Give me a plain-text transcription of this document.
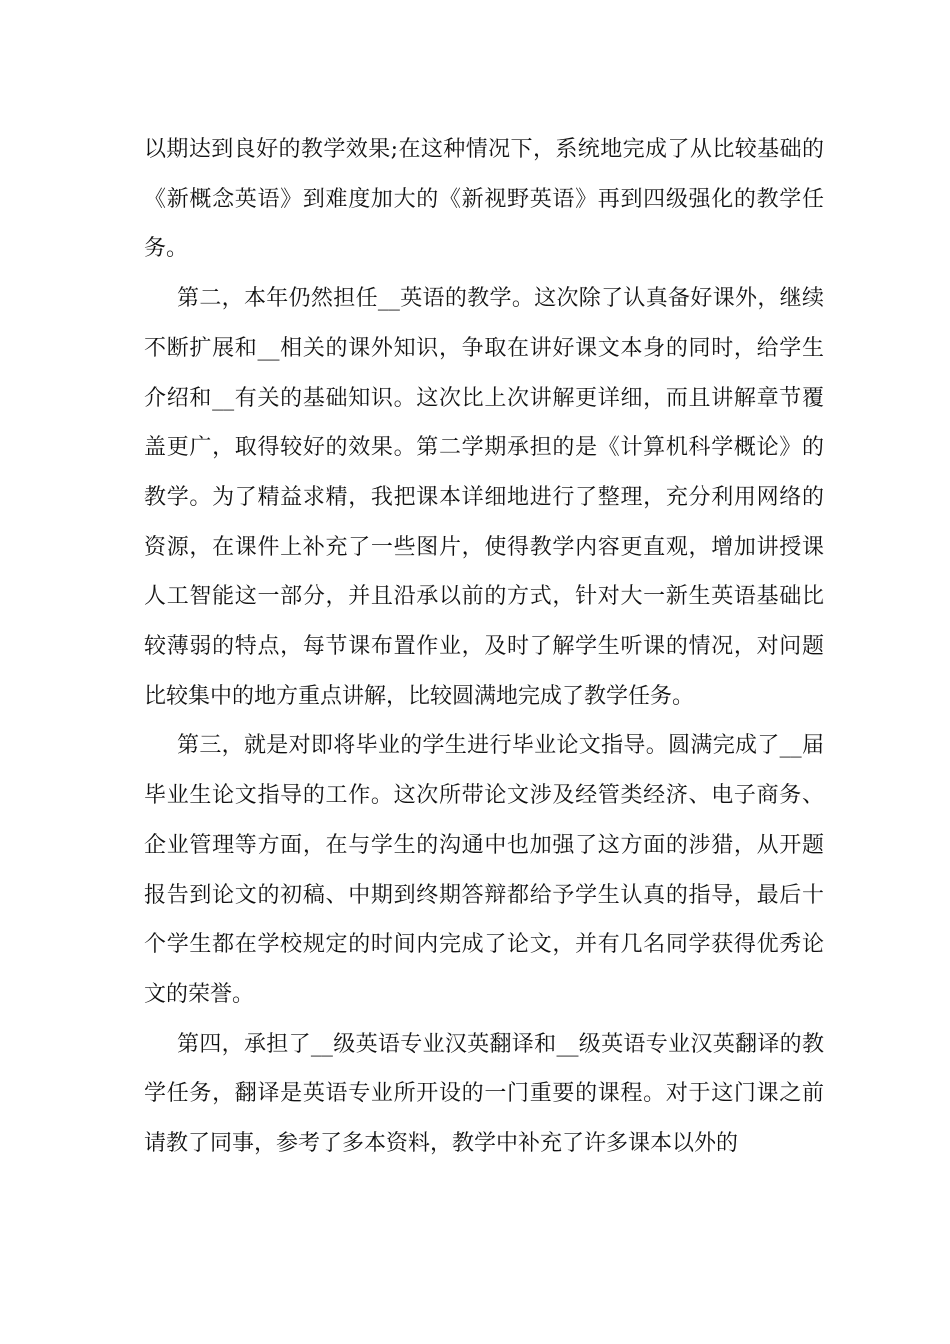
以期达到良好的教学效果;在这种情况下，系统地完成了从比较基础的《新概念英语》到难度加大的《新视野英语》再到四级强化的教学任务。

第二，本年仍然担任__英语的教学。这次除了认真备好课外，继续不断扩展和__相关的课外知识，争取在讲好课文本身的同时，给学生介绍和__有关的基础知识。这次比上次讲解更详细，而且讲解章节覆盖更广，取得较好的效果。第二学期承担的是《计算机科学概论》的教学。为了精益求精，我把课本详细地进行了整理，充分利用网络的资源，在课件上补充了一些图片，使得教学内容更直观，增加讲授课人工智能这一部分，并且沿承以前的方式，针对大一新生英语基础比较薄弱的特点，每节课布置作业，及时了解学生听课的情况，对问题比较集中的地方重点讲解，比较圆满地完成了教学任务。

第三，就是对即将毕业的学生进行毕业论文指导。圆满完成了__届毕业生论文指导的工作。这次所带论文涉及经管类经济、电子商务、企业管理等方面，在与学生的沟通中也加强了这方面的涉猎，从开题报告到论文的初稿、中期到终期答辩都给予学生认真的指导，最后十个学生都在学校规定的时间内完成了论文，并有几名同学获得优秀论文的荣誉。

第四，承担了__级英语专业汉英翻译和__级英语专业汉英翻译的教学任务，翻译是英语专业所开设的一门重要的课程。对于这门课之前请教了同事，参考了多本资料，教学中补充了许多课本以外的
